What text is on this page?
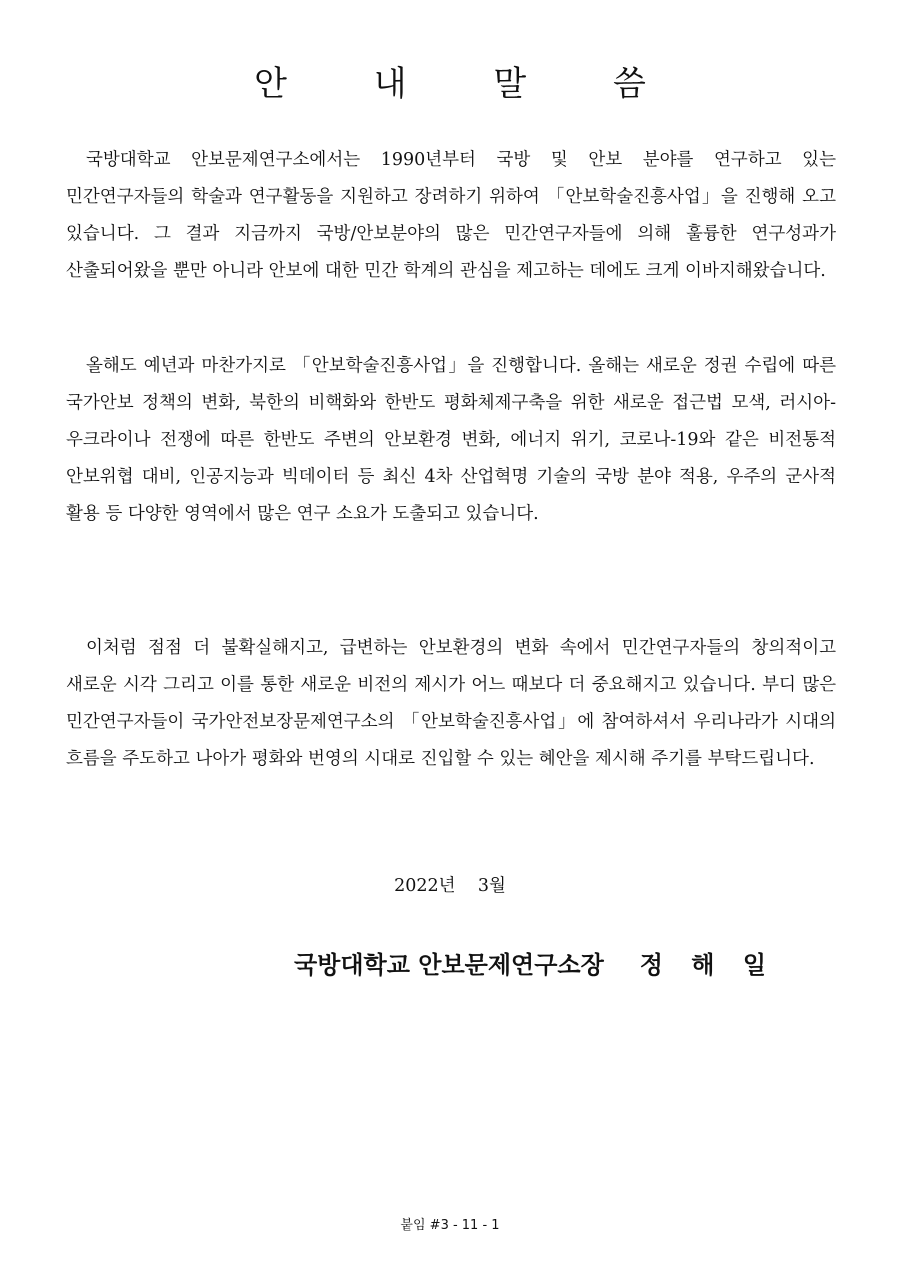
안 내 말 씀

국방대학교 안보문제연구소에서는 1990년부터 국방 및 안보 분야를 연구하고 있는 민간연구자들의 학술과 연구활동을 지원하고 장려하기 위하여 「안보학술진흥사업」을 진행해 오고 있습니다. 그 결과 지금까지 국방/안보분야의 많은 민간연구자들에 의해 훌륭한 연구성과가 산출되어왔을 뿐만 아니라 안보에 대한 민간 학계의 관심을 제고하는 데에도 크게 이바지해왔습니다.

올해도 예년과 마찬가지로 「안보학술진흥사업」을 진행합니다. 올해는 새로운 정권 수립에 따른 국가안보 정책의 변화, 북한의 비핵화와 한반도 평화체제구축을 위한 새로운 접근법 모색, 러시아-우크라이나 전쟁에 따른 한반도 주변의 안보환경 변화, 에너지 위기, 코로나-19와 같은 비전통적 안보위협 대비, 인공지능과 빅데이터 등 최신 4차 산업혁명 기술의 국방 분야 적용, 우주의 군사적 활용 등 다양한 영역에서 많은 연구 소요가 도출되고 있습니다.

이처럼 점점 더 불확실해지고, 급변하는 안보환경의 변화 속에서 민간연구자들의 창의적이고 새로운 시각 그리고 이를 통한 새로운 비전의 제시가 어느 때보다 더 중요해지고 있습니다. 부디 많은 민간연구자들이 국가안전보장문제연구소의 「안보학술진흥사업」에 참여하셔서 우리나라가 시대의 흐름을 주도하고 나아가 평화와 번영의 시대로 진입할 수 있는 혜안을 제시해 주기를 부탁드립니다.

2022년    3월

국방대학교 안보문제연구소장 정 해 일

붙임 #3 - 11 - 1
